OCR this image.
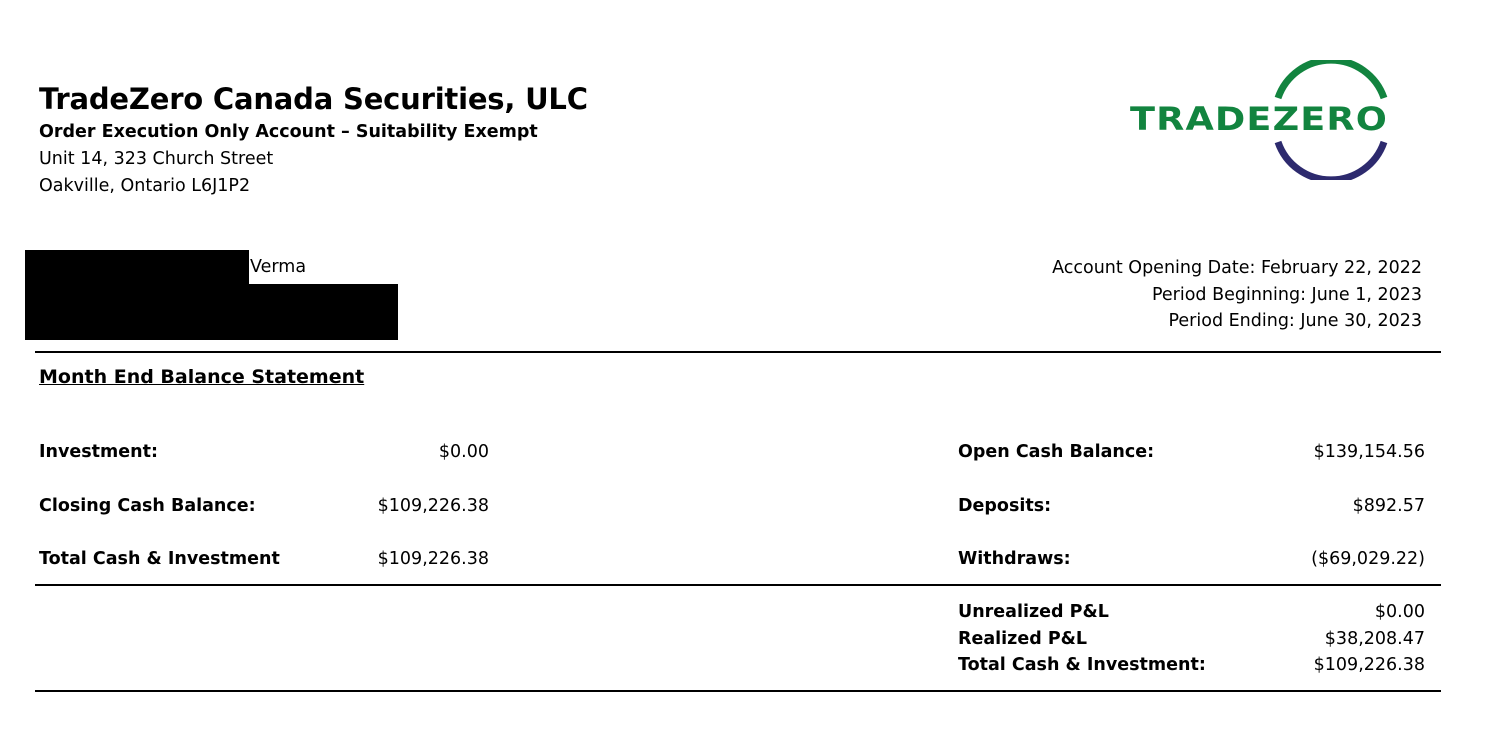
TradeZero Canada Securities, ULC
Order Execution Only Account – Suitability Exempt
Unit 14, 323 Church Street
Oakville, Ontario L6J1P2
TRADEZERO
Verma	Account Opening Date: February 22, 2022
Period Beginning: June 1, 2023
Period Ending: June 30, 2023
Month End Balance Statement
Investment:	$0.00
Closing Cash Balance:	$109,226.38
Total Cash & Investment	$109,226.38
Open Cash Balance:	$139,154.56
Deposits:	$892.57
Withdraws:	($69,029.22)
Unrealized P&L	$0.00
Realized P&L	$38,208.47
Total Cash & Investment:	$109,226.38
